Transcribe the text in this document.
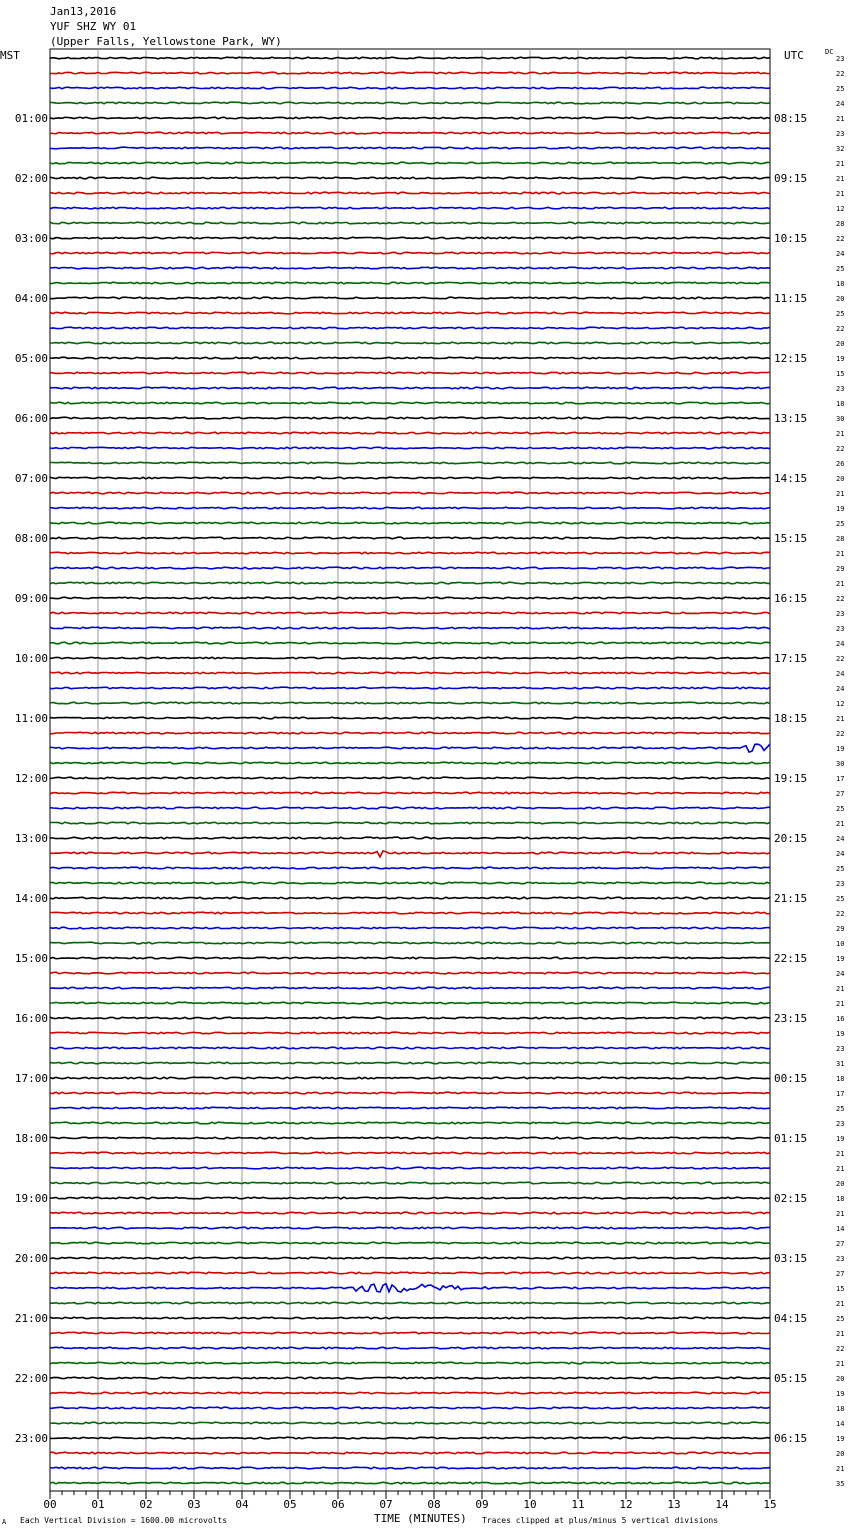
Jan13,2016
YUF SHZ WY 01
(Upper Falls, Yellowstone Park, WY)
MST	UTC	DC
23
22
25
24
21
23
32
21
21
21
12
28
22
24
25
18
20
25
22
20
19
15
23
18
30
21
22
26
20
21
19
25
28
21
29
21
22
23
23
24
22
24
24
12
21
22
19
30
17
27
25
21
24
24
25
23
25
22
29
10
19
24
21
21
16
19
23
31
18
17
25
23
19
21
21
20
18
21
14
27
23
27
15
21
25
21
22
21
20
19
18
14
19
20
21
35
01:00
02:00
03:00
04:00
05:00
06:00
07:00
08:00
09:00
10:00
11:00
12:00
13:00
14:00
15:00
16:00
17:00
18:00
19:00
20:00
21:00
22:00
23:00
08:15
09:15
10:15
11:15
12:15
13:15
14:15
15:15
16:15
17:15
18:15
19:15
20:15
21:15
22:15
23:15
00:15
01:15
02:15
03:15
04:15
05:15
06:15
00	01	02	03	04	05	06	07	08	09	10	11	12	13	14	15
A Each Vertical Division = 1600.00 microvolts	TIME (MINUTES) Traces clipped at plus/minus 5 vertical divisions
